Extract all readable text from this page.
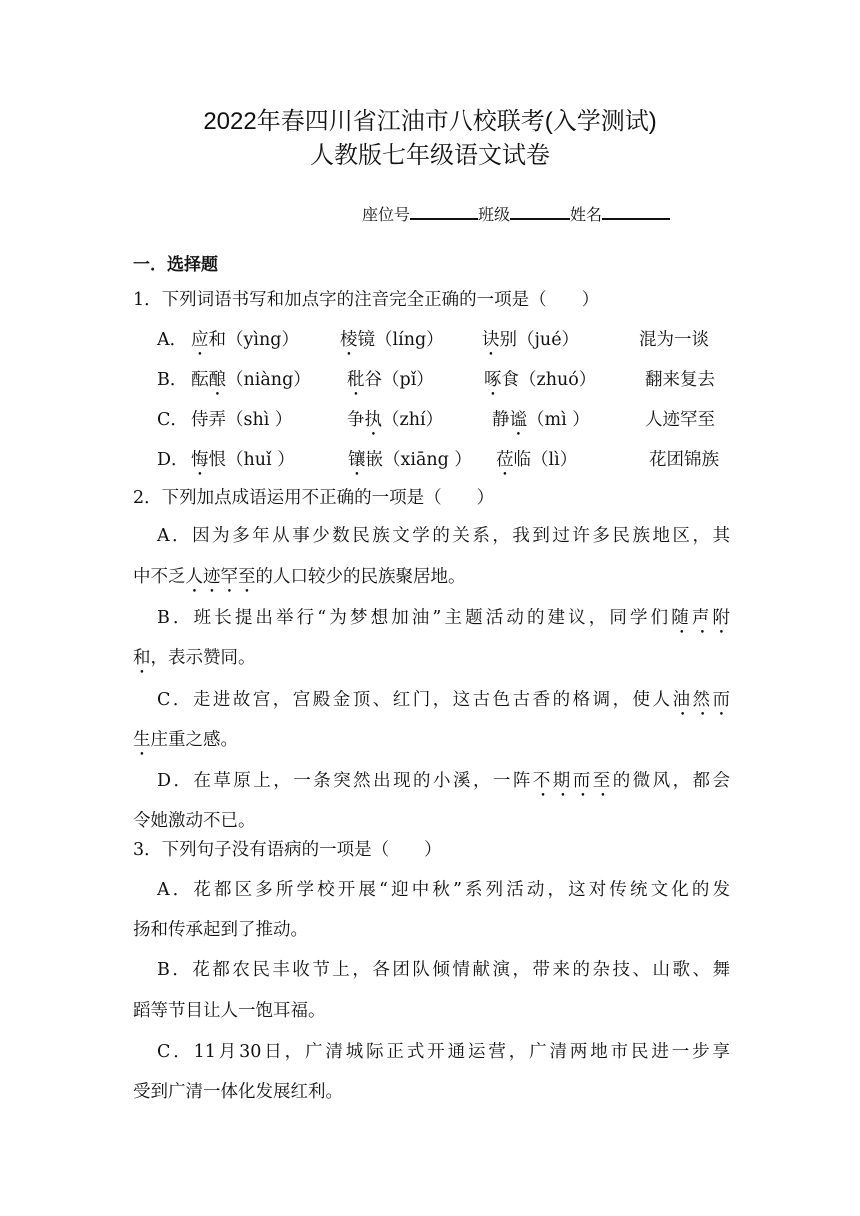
2022年春四川省江油市八校联考(入学测试)
人教版七年级语文试卷
座位号	班级	姓名
一．选择题
1．下列词语书写和加点字的注音完全正确的一项是（　　）
A． 应和（yìng） 棱镜（líng） 诀别（jué）	混为一谈
B． 酝酿（niàng） 秕谷（pǐ）	啄食（zhuó）	翻来复去
C． 侍弄（shì ）	争执（zhí）	静谧（mì ）	人迹罕至
D． 悔恨（huǐ ）	镶嵌（xiāng ） 莅临（lì）	花团锦族
2．下列加点成语运用不正确的一项是（　　）
A．因为多年从事少数民族文学的关系，我到过许多民族地区，其
中不乏人迹罕至的人口较少的民族聚居地。
B．班长提出举行“为梦想加油”主题活动的建议，同学们随声附
和，表示赞同。
C．走进故宫，宫殿金顶、红门，这古色古香的格调，使人油然而
生庄重之感。
D．在草原上，一条突然出现的小溪，一阵不期而至的微风，都会
令她激动不已。
3．下列句子没有语病的一项是（　　）
A．花都区多所学校开展“迎中秋”系列活动，这对传统文化的发
扬和传承起到了推动。
B．花都农民丰收节上，各团队倾情献演，带来的杂技、山歌、舞
蹈等节目让人一饱耳福。
C．11月30日，广清城际正式开通运营，广清两地市民进一步享
受到广清一体化发展红利。
